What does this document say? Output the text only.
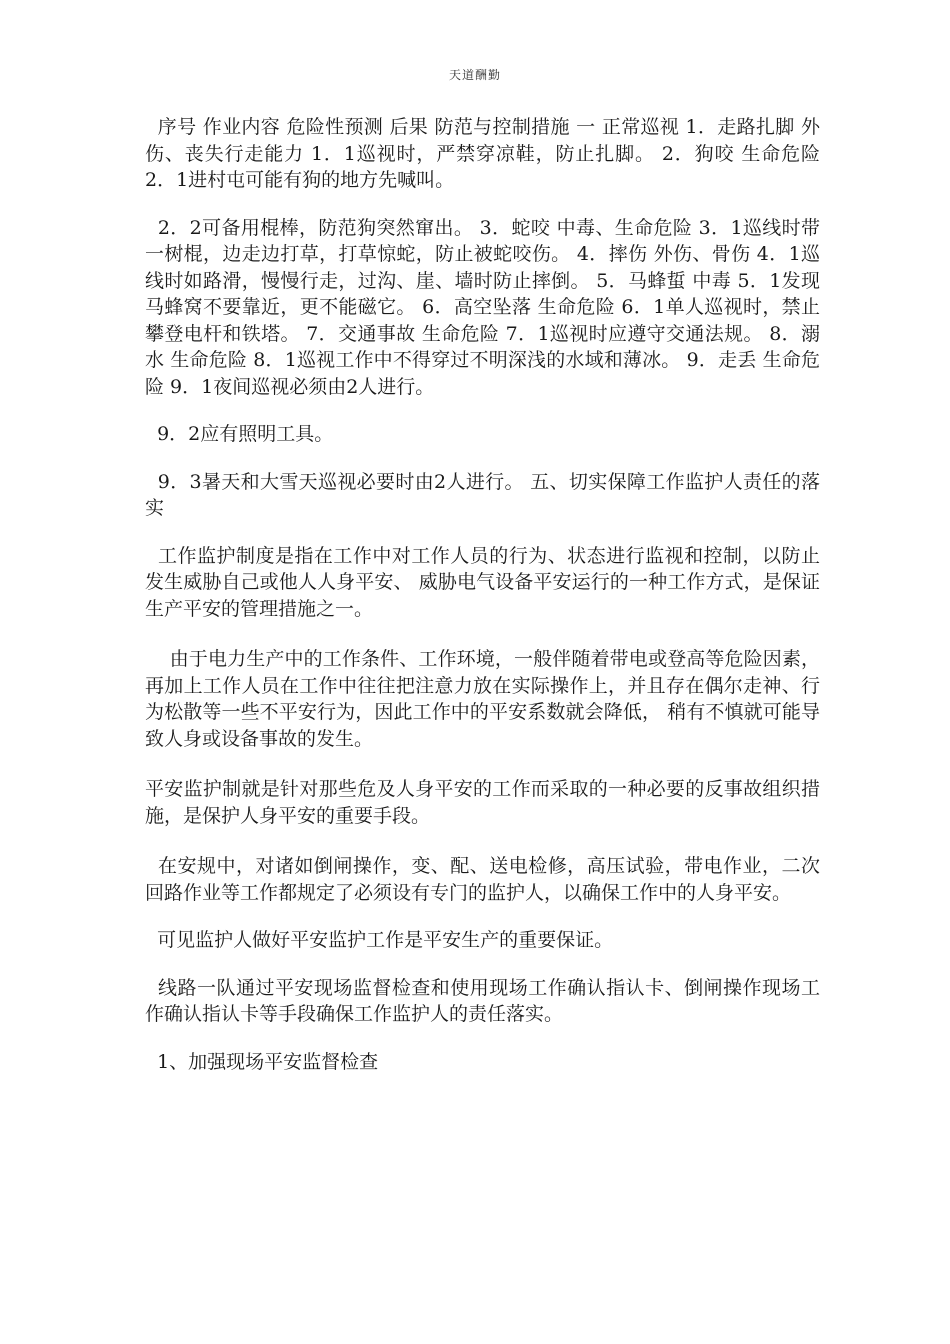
天道酬勤

序号 作业内容 危险性预测 后果 防范与控制措施 一 正常巡视 1．走路扎脚 外伤、丧失行走能力 1．1巡视时，严禁穿凉鞋，防止扎脚。 2．狗咬 生命危险 2．1进村屯可能有狗的地方先喊叫。

2．2可备用棍棒，防范狗突然窜出。 3．蛇咬 中毒、生命危险 3．1巡线时带一树棍，边走边打草，打草惊蛇，防止被蛇咬伤。 4．摔伤 外伤、骨伤 4．1巡线时如路滑，慢慢行走，过沟、崖、墙时防止摔倒。 5．马蜂蜇 中毒 5．1发现马蜂窝不要靠近，更不能磁它。 6．高空坠落 生命危险 6．1单人巡视时，禁止攀登电杆和铁塔。 7．交通事故 生命危险 7．1巡视时应遵守交通法规。 8．溺水 生命危险 8．1巡视工作中不得穿过不明深浅的水域和薄冰。 9．走丢 生命危险 9．1夜间巡视必须由2人进行。

9．2应有照明工具。

9．3暑天和大雪天巡视必要时由2人进行。 五、切实保障工作监护人责任的落实

工作监护制度是指在工作中对工作人员的行为、状态进行监视和控制，以防止发生威胁自己或他人人身平安、 威胁电气设备平安运行的一种工作方式，是保证生产平安的管理措施之一。

由于电力生产中的工作条件、工作环境，一般伴随着带电或登高等危险因素， 再加上工作人员在工作中往往把注意力放在实际操作上，并且存在偶尔走神、行为松散等一些不平安行为，因此工作中的平安系数就会降低， 稍有不慎就可能导致人身或设备事故的发生。

平安监护制就是针对那些危及人身平安的工作而采取的一种必要的反事故组织措施，是保护人身平安的重要手段。

在安规中，对诸如倒闸操作，变、配、送电检修，高压试验，带电作业，二次回路作业等工作都规定了必须设有专门的监护人，以确保工作中的人身平安。

可见监护人做好平安监护工作是平安生产的重要保证。

线路一队通过平安现场监督检查和使用现场工作确认指认卡、倒闸操作现场工作确认指认卡等手段确保工作监护人的责任落实。

1、加强现场平安监督检查
